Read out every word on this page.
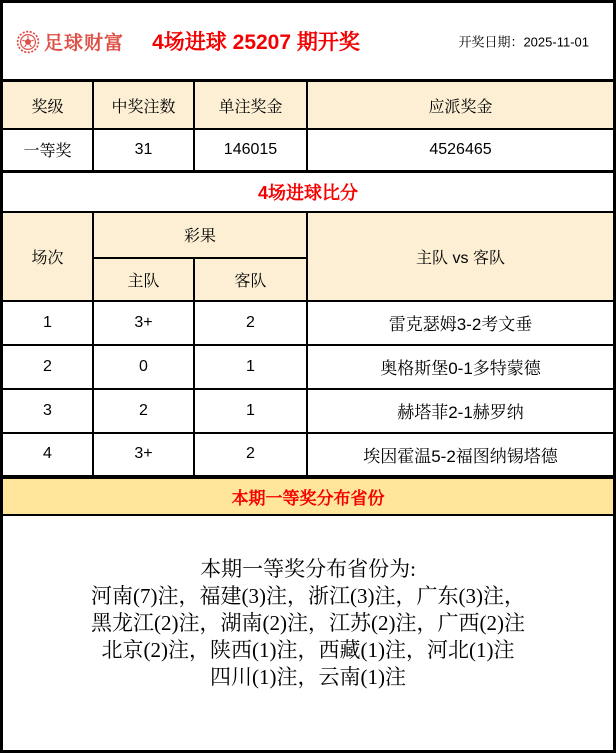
足球财富 4场进球 25207 期开奖	开奖日期：2025-11-01
奖级	中奖注数	单注奖金	应派奖金
一等奖	31	146015	4526465
4场进球比分
场次	彩果		主队 vs 客队
	主队	客队	
1	3+	2	雷克瑟姆3-2考文垂
2	0	1	奥格斯堡0-1多特蒙德
3	2	1	赫塔菲2-1赫罗纳
4	3+	2	埃因霍温5-2福图纳锡塔德
本期一等奖分布省份
本期一等奖分布省份为:
河南(7)注，福建(3)注，浙江(3)注，广东(3)注，
黑龙江(2)注，湖南(2)注，江苏(2)注，广西(2)注
北京(2)注，陕西(1)注，西藏(1)注，河北(1)注
四川(1)注，云南(1)注
